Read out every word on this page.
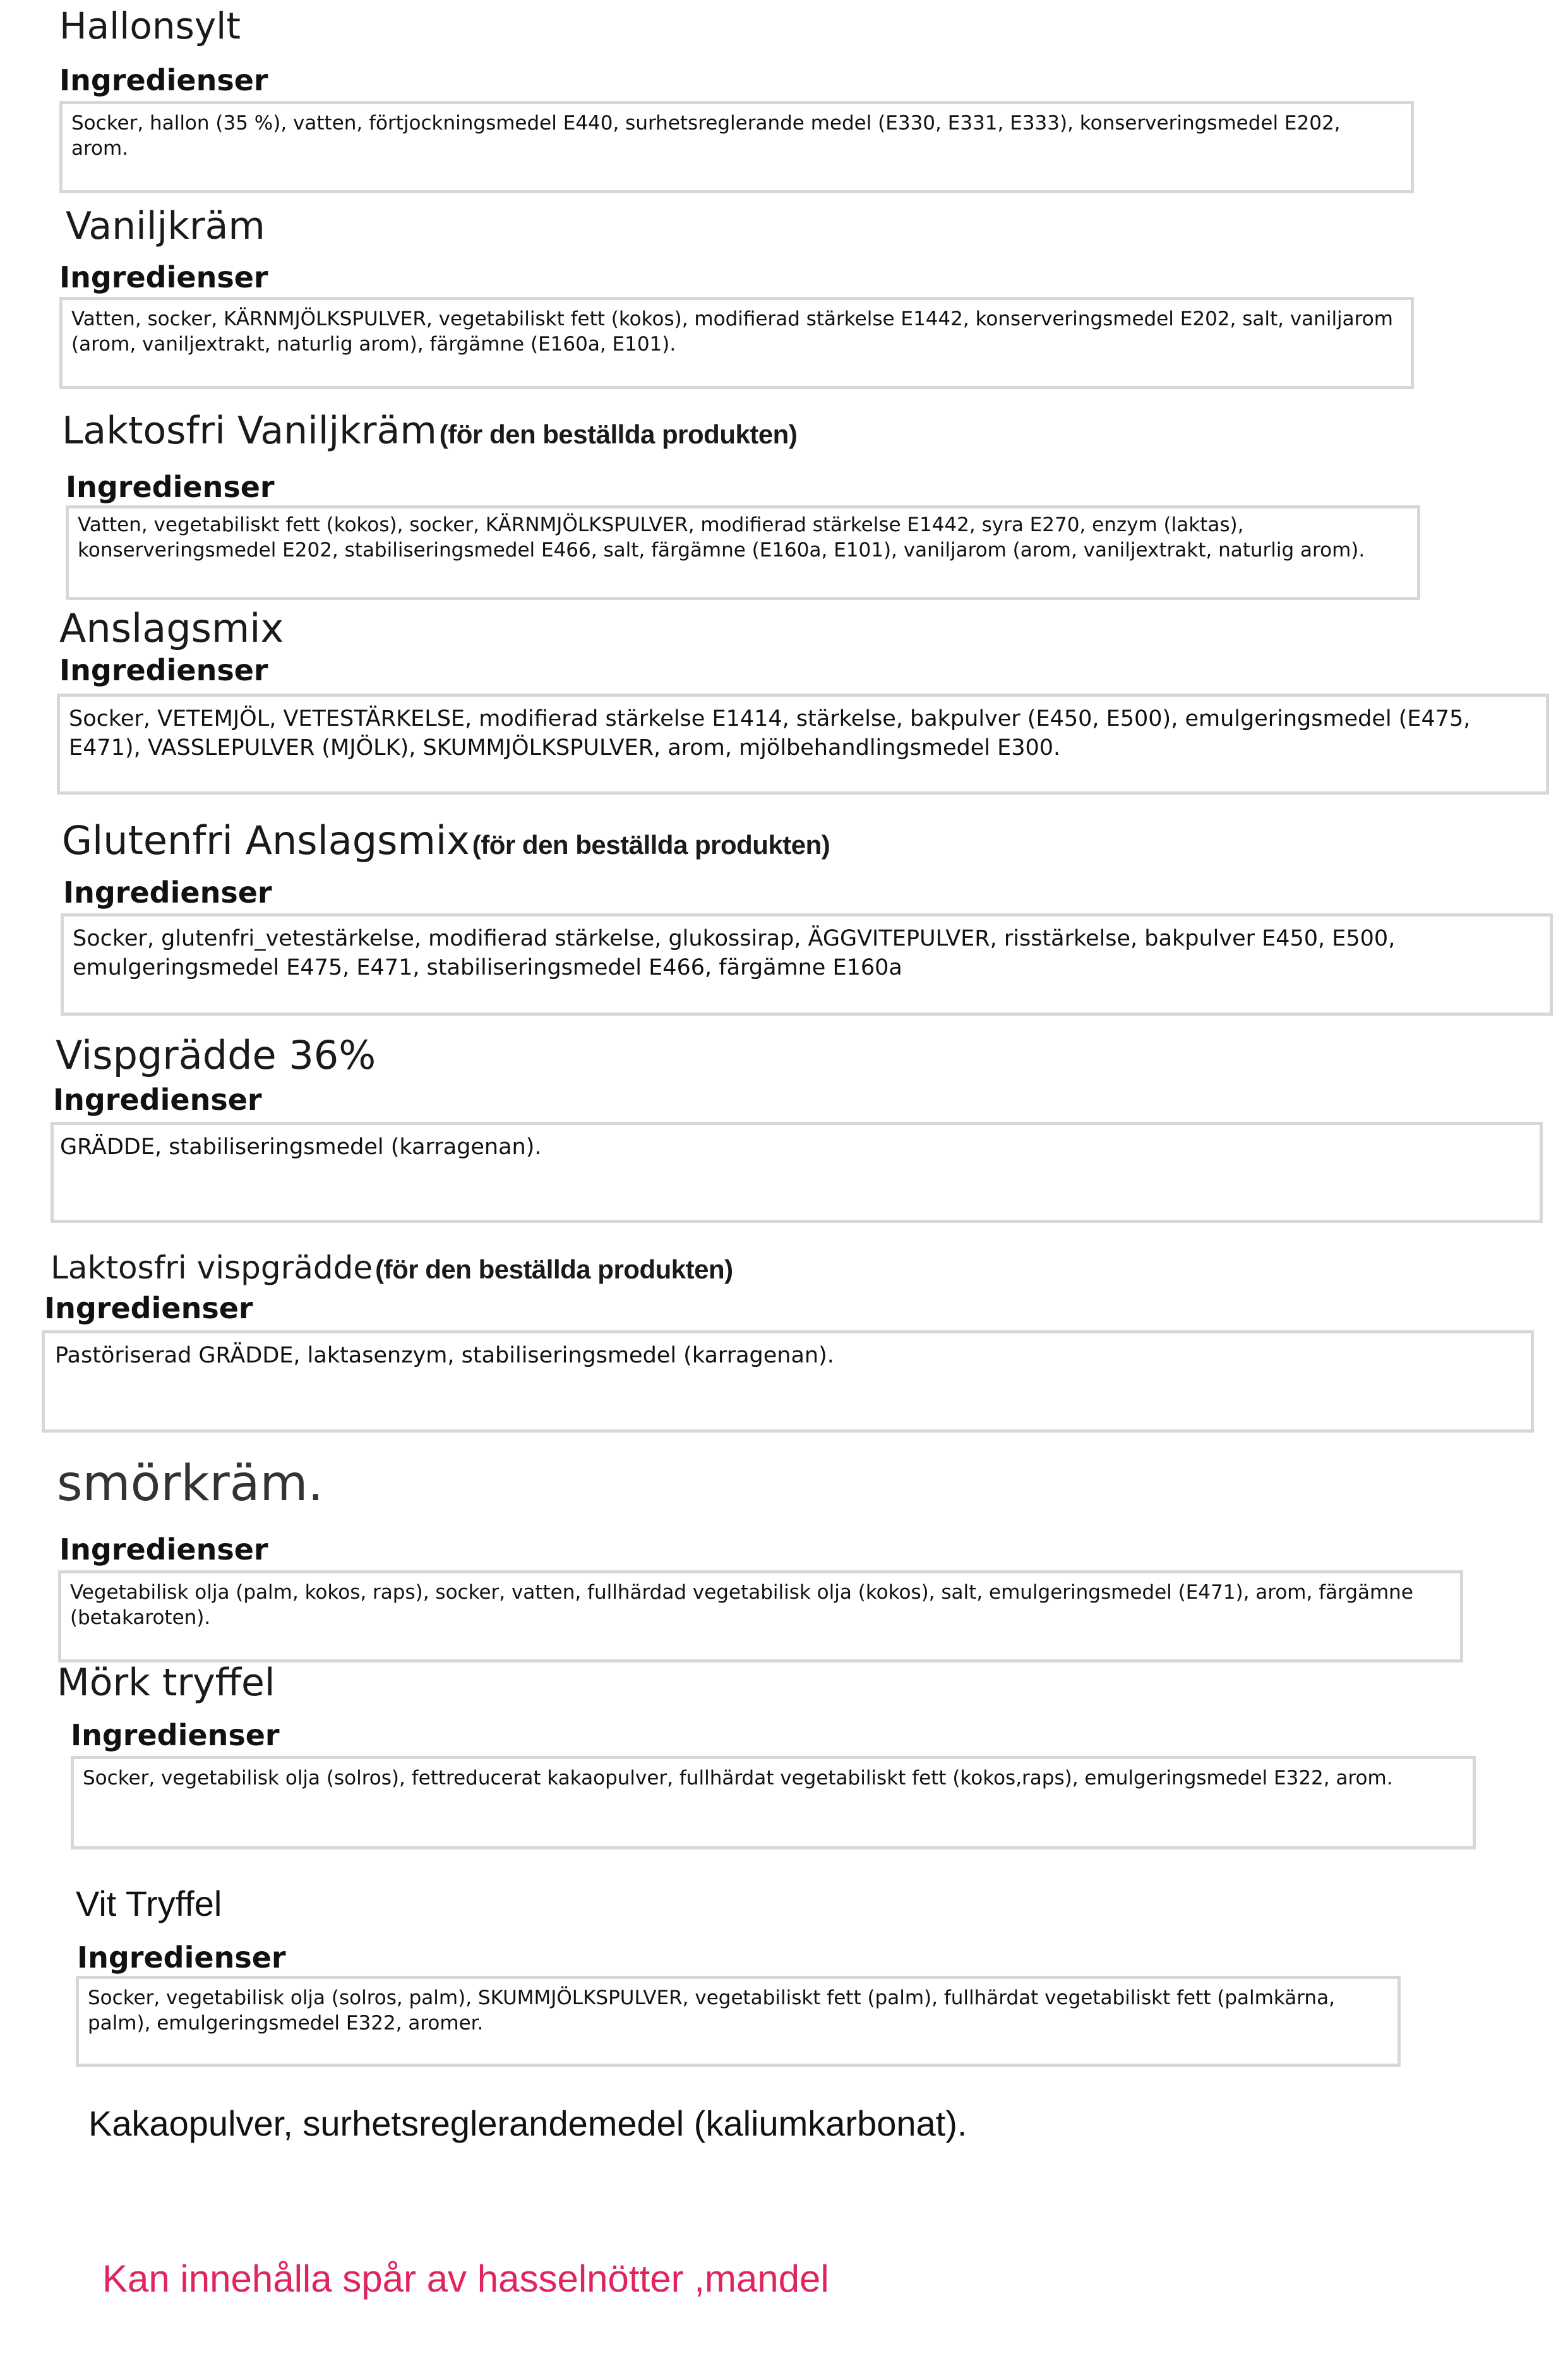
Hallonsylt
Ingredienser
Socker, hallon (35 %), vatten, förtjockningsmedel E440, surhetsreglerande medel (E330, E331, E333), konserveringsmedel E202, arom.
Vaniljkräm
Ingredienser
Vatten, socker, KÄRNMJÖLKSPULVER, vegetabiliskt fett (kokos), modifierad stärkelse E1442, konserveringsmedel E202, salt, vaniljarom (arom, vaniljextrakt, naturlig arom), färgämne (E160a, E101).
Laktosfri Vaniljkräm(för den beställda produkten)
Ingredienser
Vatten, vegetabiliskt fett (kokos), socker, KÄRNMJÖLKSPULVER, modifierad stärkelse E1442, syra E270, enzym (laktas), konserveringsmedel E202, stabiliseringsmedel E466, salt, färgämne (E160a, E101), vaniljarom (arom, vaniljextrakt, naturlig arom).
Anslagsmix
Ingredienser
Socker, VETEMJÖL, VETESTÄRKELSE, modifierad stärkelse E1414, stärkelse, bakpulver (E450, E500), emulgeringsmedel (E475, E471), VASSLEPULVER (MJÖLK), SKUMMJÖLKSPULVER, arom, mjölbehandlingsmedel E300.
Glutenfri Anslagsmix(för den beställda produkten)
Ingredienser
Socker, glutenfri_vetestärkelse, modifierad stärkelse, glukossirap, ÄGGVITEPULVER, risstärkelse, bakpulver E450, E500, emulgeringsmedel E475, E471, stabiliseringsmedel E466, färgämne E160a
Vispgrädde 36%
Ingredienser
GRÄDDE, stabiliseringsmedel (karragenan).
Laktosfri vispgrädde(för den beställda produkten)
Ingredienser
Pastöriserad GRÄDDE, laktasenzym, stabiliseringsmedel (karragenan).
smörkräm.
Ingredienser
Vegetabilisk olja (palm, kokos, raps), socker, vatten, fullhärdad vegetabilisk olja (kokos), salt, emulgeringsmedel (E471), arom, färgämne (betakaroten).
Mörk tryffel
Ingredienser
Socker, vegetabilisk olja (solros), fettreducerat kakaopulver, fullhärdat vegetabiliskt fett (kokos,raps), emulgeringsmedel E322, arom.
Vit Tryffel
Ingredienser
Socker, vegetabilisk olja (solros, palm), SKUMMJÖLKSPULVER, vegetabiliskt fett (palm), fullhärdat vegetabiliskt fett (palmkärna, palm), emulgeringsmedel E322, aromer.
Kakaopulver, surhetsreglerandemedel (kaliumkarbonat).
Kan innehålla spår av hasselnötter ,mandel
